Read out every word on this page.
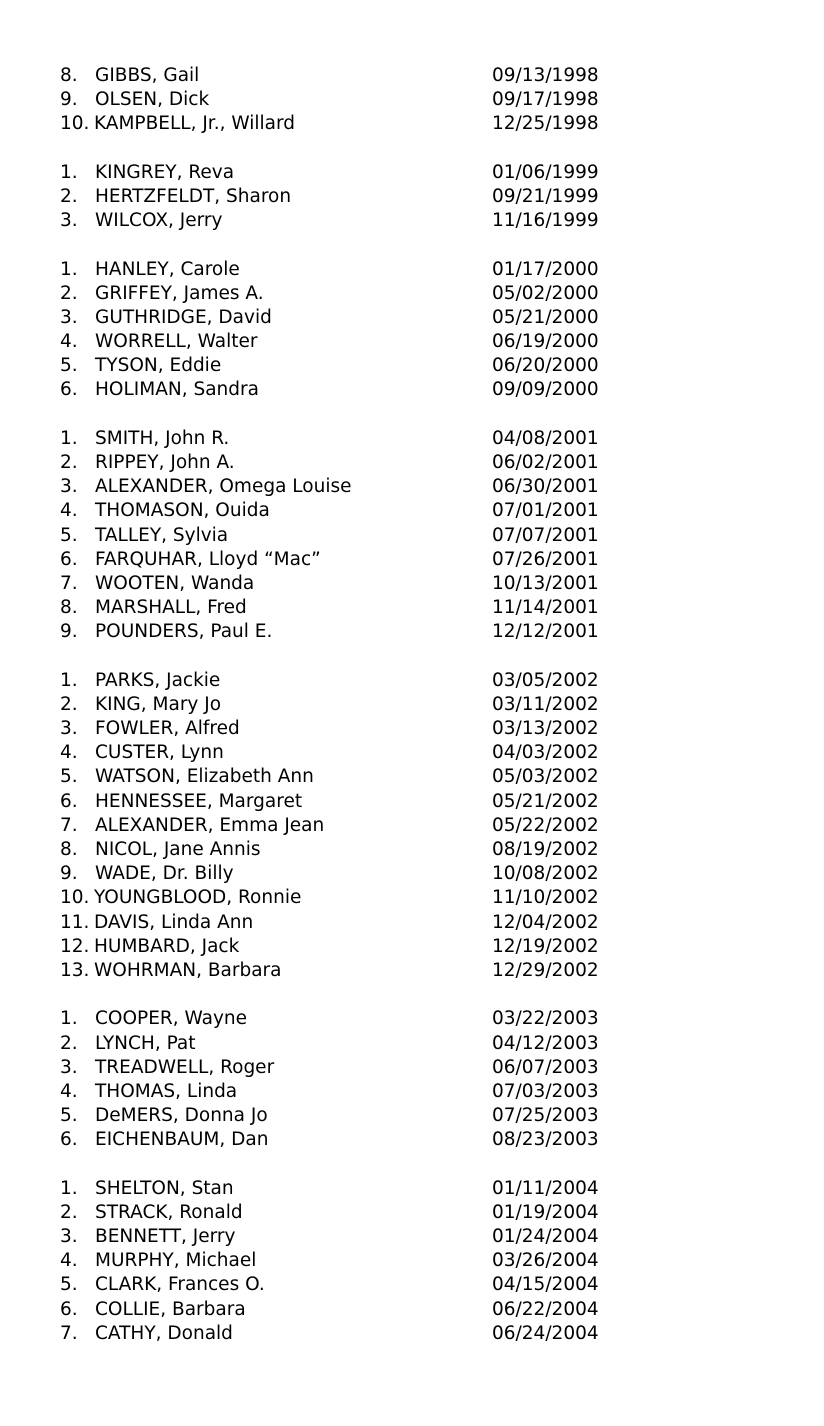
8. GIBBS, Gail	09/13/1998
9. OLSEN, Dick	09/17/1998
10. KAMPBELL, Jr., Willard	12/25/1998
1. KINGREY, Reva	01/06/1999
2. HERTZFELDT, Sharon	09/21/1999
3. WILCOX, Jerry	11/16/1999
1. HANLEY, Carole	01/17/2000
2. GRIFFEY, James A.	05/02/2000
3. GUTHRIDGE, David	05/21/2000
4. WORRELL, Walter	06/19/2000
5. TYSON, Eddie	06/20/2000
6. HOLIMAN, Sandra	09/09/2000
1. SMITH, John R.	04/08/2001
2. RIPPEY, John A.	06/02/2001
3. ALEXANDER, Omega Louise	06/30/2001
4. THOMASON, Ouida	07/01/2001
5. TALLEY, Sylvia	07/07/2001
6. FARQUHAR, Lloyd “Mac”	07/26/2001
7. WOOTEN, Wanda	10/13/2001
8. MARSHALL, Fred	11/14/2001
9. POUNDERS, Paul E.	12/12/2001
1. PARKS, Jackie	03/05/2002
2. KING, Mary Jo	03/11/2002
3. FOWLER, Alfred	03/13/2002
4. CUSTER, Lynn	04/03/2002
5. WATSON, Elizabeth Ann	05/03/2002
6. HENNESSEE, Margaret	05/21/2002
7. ALEXANDER, Emma Jean	05/22/2002
8. NICOL, Jane Annis	08/19/2002
9. WADE, Dr. Billy	10/08/2002
10. YOUNGBLOOD, Ronnie	11/10/2002
11. DAVIS, Linda Ann	12/04/2002
12. HUMBARD, Jack	12/19/2002
13. WOHRMAN, Barbara	12/29/2002
1. COOPER, Wayne	03/22/2003
2. LYNCH, Pat	04/12/2003
3. TREADWELL, Roger	06/07/2003
4. THOMAS, Linda	07/03/2003
5. DeMERS, Donna Jo	07/25/2003
6. EICHENBAUM, Dan	08/23/2003
1. SHELTON, Stan	01/11/2004
2. STRACK, Ronald	01/19/2004
3. BENNETT, Jerry	01/24/2004
4. MURPHY, Michael	03/26/2004
5. CLARK, Frances O.	04/15/2004
6. COLLIE, Barbara	06/22/2004
7. CATHY, Donald	06/24/2004
